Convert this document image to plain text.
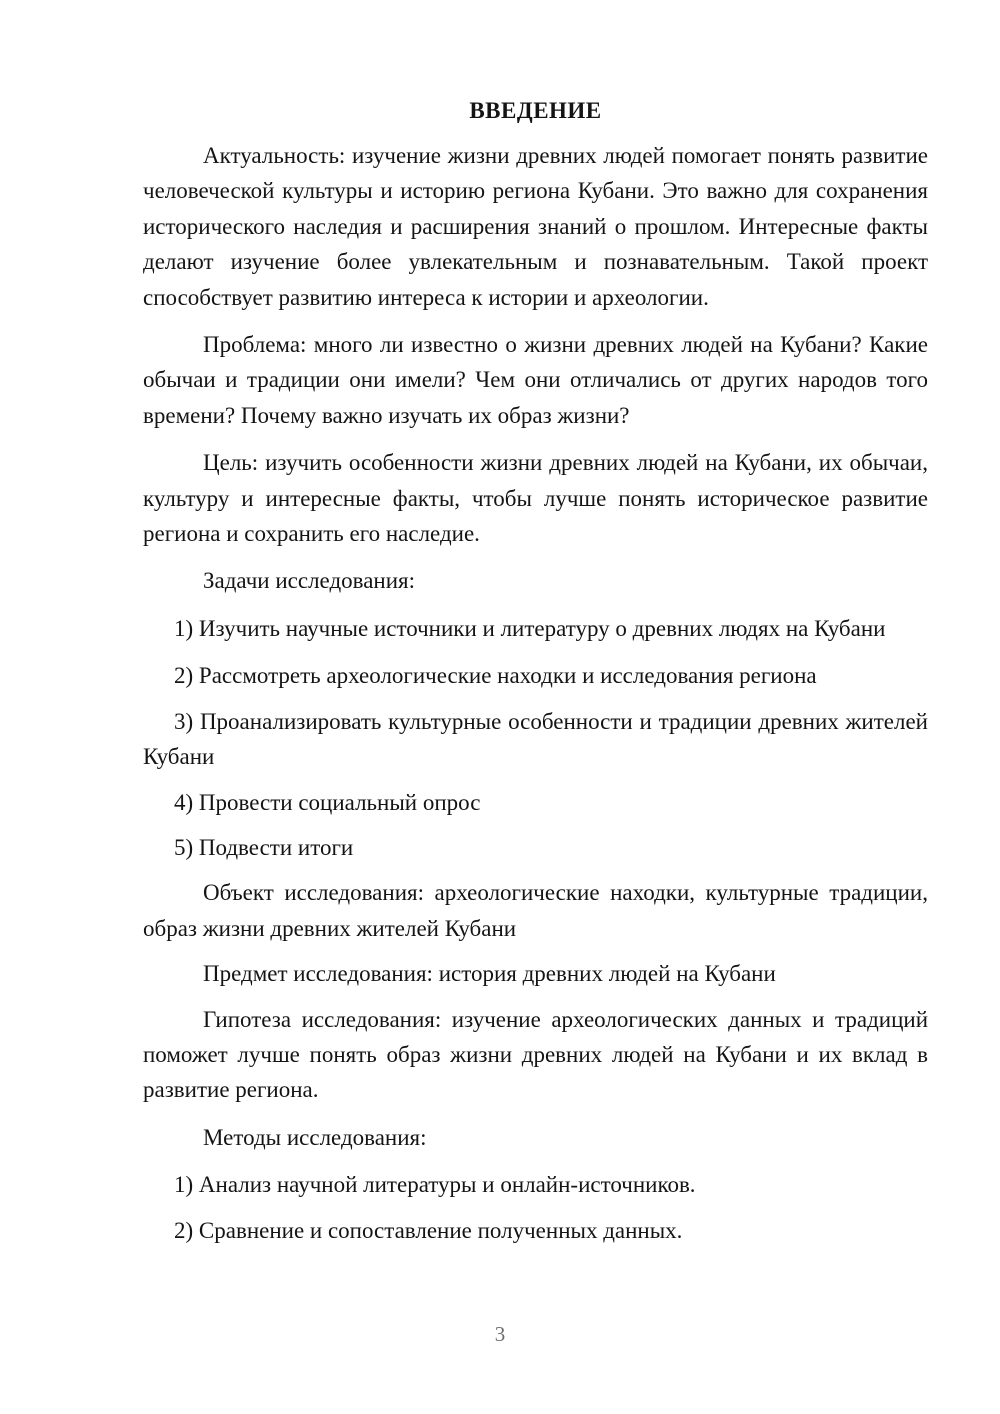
ВВЕДЕНИЕ

Актуальность: изучение жизни древних людей помогает понять развитие человеческой культуры и историю региона Кубани. Это важно для сохранения исторического наследия и расширения знаний о прошлом. Интересные факты делают изучение более увлекательным и познавательным. Такой проект способствует развитию интереса к истории и археологии.

Проблема: много ли известно о жизни древних людей на Кубани? Какие обычаи и традиции они имели? Чем они отличались от других народов того времени? Почему важно изучать их образ жизни?

Цель: изучить особенности жизни древних людей на Кубани, их обычаи, культуру и интересные факты, чтобы лучше понять историческое развитие региона и сохранить его наследие.

Задачи исследования:

1) Изучить научные источники и литературу о древних людях на Кубани

2) Рассмотреть археологические находки и исследования региона

3) Проанализировать культурные особенности и традиции древних жителей Кубани

4) Провести социальный опрос

5) Подвести итоги

Объект исследования: археологические находки, культурные традиции, образ жизни древних жителей Кубани

Предмет исследования: история древних людей на Кубани

Гипотеза исследования: изучение археологических данных и традиций поможет лучше понять образ жизни древних людей на Кубани и их вклад в развитие региона.

Методы исследования:

1) Анализ научной литературы и онлайн-источников.

2) Сравнение и сопоставление полученных данных.

3
